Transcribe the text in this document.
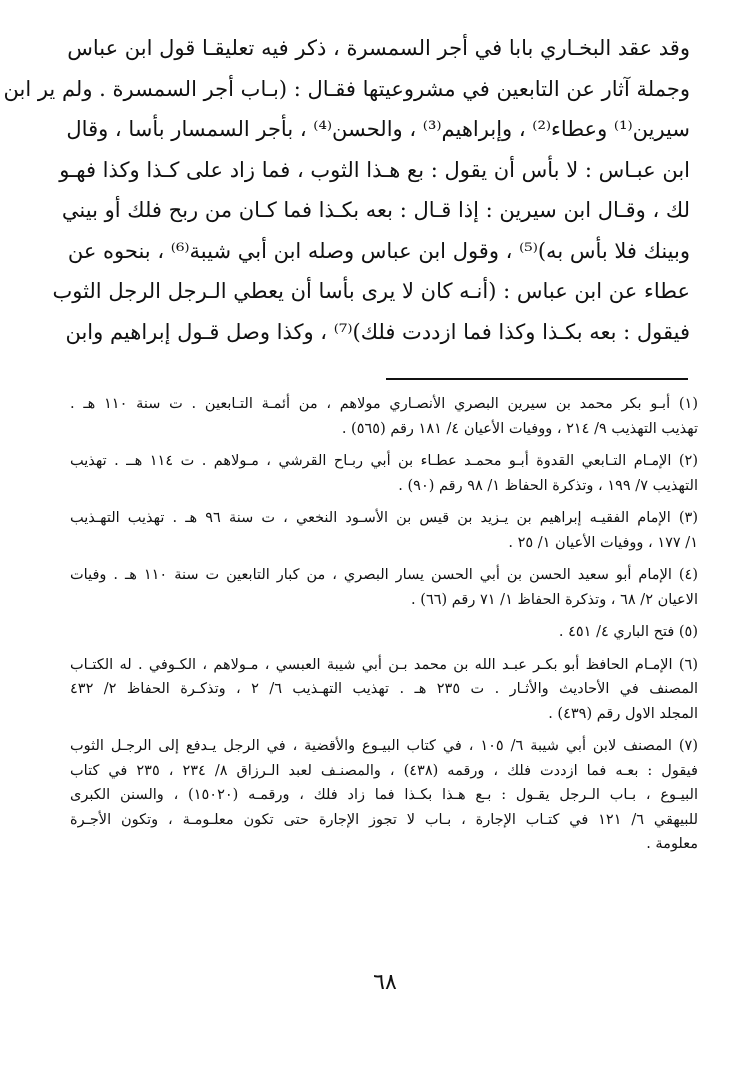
وقد عقد البخـاري بابا في أجر السمسرة ، ذكر فيه تعليقـا قول ابن عباس
وجملة آثار عن التابعين في مشروعيتها فقـال : (بـاب أجر السمسرة . ولم ير ابن
سيرين⁽¹⁾ وعطاء⁽²⁾ ، وإبراهيم⁽³⁾ ، والحسن⁽⁴⁾ ، بأجر السمسار بأسا ، وقال
ابن عبـاس : لا بأس أن يقول : بع هـذا الثوب ، فما زاد على كـذا وكذا فهـو
لك ، وقـال ابن سيرين : إذا قـال : بعه بكـذا فما كـان من ربح فلك أو بيني
وبينك فلا بأس به)⁽⁵⁾ ، وقول ابن عباس وصله ابن أبي شيبة⁽⁶⁾ ، بنحوه عن
عطاء عن ابن عباس : (أنـه كان لا يرى بأسا أن يعطي الـرجل الرجل الثوب
فيقول : بعه بكـذا وكذا فما ازددت فلك)⁽⁷⁾ ، وكذا وصل قـول إبراهيم وابن
(١) أبـو بكر محمد بن سيرين البصري الأنصـاري مولاهم ، من أئمـة التـابعين . ت سنة ١١٠ هـ .
تهذيب التهذيب ٩/ ٢١٤ ، ووفيات الأعيان ٤/ ١٨١ رقم (٥٦٥) .
(٢) الإمـام التـابعي القدوة أبـو محمـد عطـاء بن أبي ربـاح القرشي ، مـولاهم . ت ١١٤ هــ . تهذيب
التهذيب ٧/ ١٩٩ ، وتذكرة الحفاظ ١/ ٩٨ رقم (٩٠) .
(٣) الإمام الفقيـه إبراهيم بن يـزيد بن قيس بن الأسـود النخعي ، ت سنة ٩٦ هـ . تهذيب التهـذيب
١/ ١٧٧ ، ووفيات الأعيان ١/ ٢٥ .
(٤) الإمام أبو سعيد الحسن بن أبي الحسن يسار البصري ، من كبار التابعين ت سنة ١١٠ هـ . وفيات
الاعيان ٢/ ٦٨ ، وتذكرة الحفاظ ١/ ٧١ رقم (٦٦) .
(٥) فتح الباري ٤/ ٤٥١ .
(٦) الإمـام الحافظ أبو بكـر عبـد الله بن محمد بـن أبي شيبة العبسي ، مـولاهم ، الكـوفي . له الكتـاب
المصنف في الأحاديث والأثـار . ت ٢٣٥ هـ . تهذيب التهـذيب ٦/ ٢ ، وتذكـرة الحفاظ ٢/ ٤٣٢
المجلد الاول رقم (٤٣٩) .
(٧) المصنف لابن أبي شيبة ٦/ ١٠٥ ، في كتاب البيـوع والأقضية ، في الرجل يـدفع إلى الرجـل الثوب
فيقول : بعـه فما ازددت فلك ، ورقمه (٤٣٨) ، والمصنـف لعبد الـرزاق ٨/ ٢٣٤ ، ٢٣٥ في كتاب
البيـوع ، بـاب الـرجل يقـول : بـع هـذا بكـذا فما زاد فلك ، ورقمـه (١٥٠٢٠) ، والسنن الكبرى
للبيهقي ٦/ ١٢١ في كتـاب الإجارة ، بـاب لا تجوز الإجارة حتى تكون معلـومـة ، وتكون الأجـرة
معلومة .
٦٨
